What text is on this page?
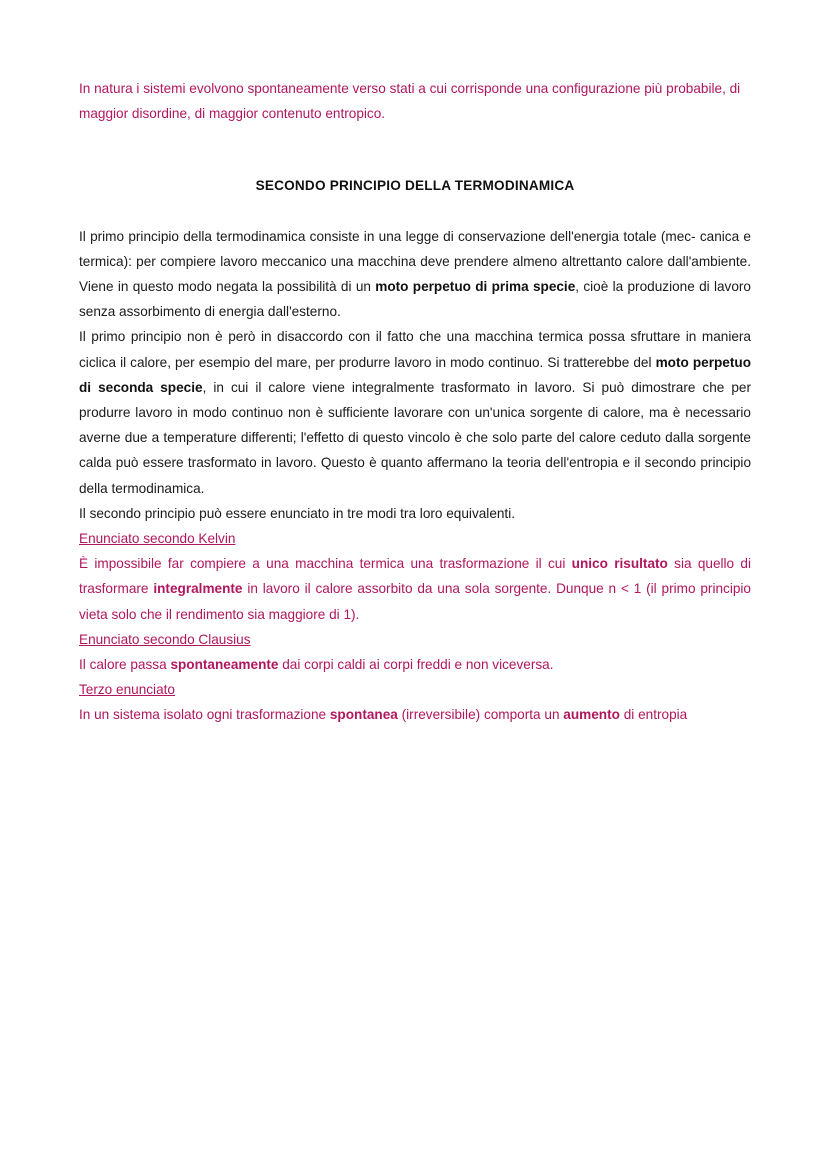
In natura i sistemi evolvono spontaneamente verso stati a cui corrisponde una configurazione più probabile, di maggior disordine, di maggior contenuto entropico.

SECONDO PRINCIPIO DELLA TERMODINAMICA

Il primo principio della termodinamica consiste in una legge di conservazione dell'energia totale (mec- canica e termica): per compiere lavoro meccanico una macchina deve prendere almeno altrettanto calore dall'ambiente. Viene in questo modo negata la possibilità di un moto perpetuo di prima specie, cioè la produzione di lavoro senza assorbimento di energia dall'esterno.

Il primo principio non è però in disaccordo con il fatto che una macchina termica possa sfruttare in maniera ciclica il calore, per esempio del mare, per produrre lavoro in modo continuo. Si tratterebbe del moto perpetuo di seconda specie, in cui il calore viene integralmente trasformato in lavoro. Si può dimostrare che per produrre lavoro in modo continuo non è sufficiente lavorare con un'unica sorgente di calore, ma è necessario averne due a temperature differenti; l'effetto di questo vincolo è che solo parte del calore ceduto dalla sorgente calda può essere trasformato in lavoro. Questo è quanto affermano la teoria dell'entropia e il secondo principio della termodinamica.

Il secondo principio può essere enunciato in tre modi tra loro equivalenti.

Enunciato secondo Kelvin

È impossibile far compiere a una macchina termica una trasformazione il cui unico risultato sia quello di trasformare integralmente in lavoro il calore assorbito da una sola sorgente. Dunque n < 1 (il primo principio vieta solo che il rendimento sia maggiore di 1).

Enunciato secondo Clausius

Il calore passa spontaneamente dai corpi caldi ai corpi freddi e non viceversa.

Terzo enunciato

In un sistema isolato ogni trasformazione spontanea (irreversibile) comporta un aumento di entropia
